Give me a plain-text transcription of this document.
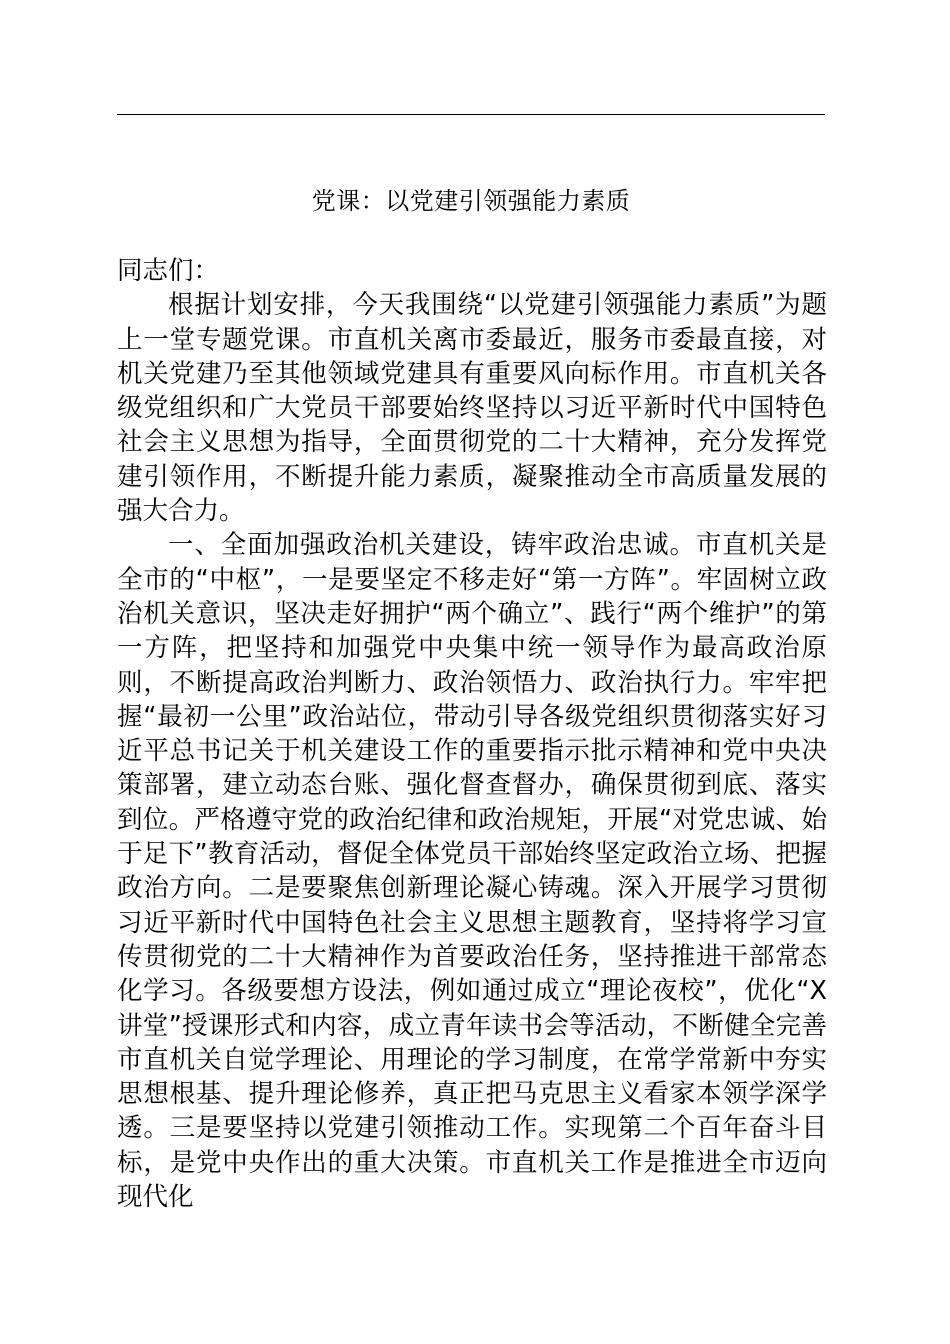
党课：以党建引领强能力素质

同志们：

根据计划安排，今天我围绕“以党建引领强能力素质”为题上一堂专题党课。市直机关离市委最近，服务市委最直接，对机关党建乃至其他领域党建具有重要风向标作用。市直机关各级党组织和广大党员干部要始终坚持以习近平新时代中国特色社会主义思想为指导，全面贯彻党的二十大精神，充分发挥党建引领作用，不断提升能力素质，凝聚推动全市高质量发展的强大合力。

一、全面加强政治机关建设，铸牢政治忠诚。市直机关是全市的“中枢”，一是要坚定不移走好“第一方阵”。牢固树立政治机关意识，坚决走好拥护“两个确立”、践行“两个维护”的第一方阵，把坚持和加强党中央集中统一领导作为最高政治原则，不断提高政治判断力、政治领悟力、政治执行力。牢牢把握“最初一公里”政治站位，带动引导各级党组织贯彻落实好习近平总书记关于机关建设工作的重要指示批示精神和党中央决策部署，建立动态台账、强化督查督办，确保贯彻到底、落实到位。严格遵守党的政治纪律和政治规矩，开展“对党忠诚、始于足下”教育活动，督促全体党员干部始终坚定政治立场、把握政治方向。二是要聚焦创新理论凝心铸魂。深入开展学习贯彻习近平新时代中国特色社会主义思想主题教育，坚持将学习宣传贯彻党的二十大精神作为首要政治任务，坚持推进干部常态化学习。各级要想方设法，例如通过成立“理论夜校”，优化“X讲堂”授课形式和内容，成立青年读书会等活动，不断健全完善市直机关自觉学理论、用理论的学习制度，在常学常新中夯实思想根基、提升理论修养，真正把马克思主义看家本领学深学透。三是要坚持以党建引领推动工作。实现第二个百年奋斗目标，是党中央作出的重大决策。市直机关工作是推进全市迈向现代化
